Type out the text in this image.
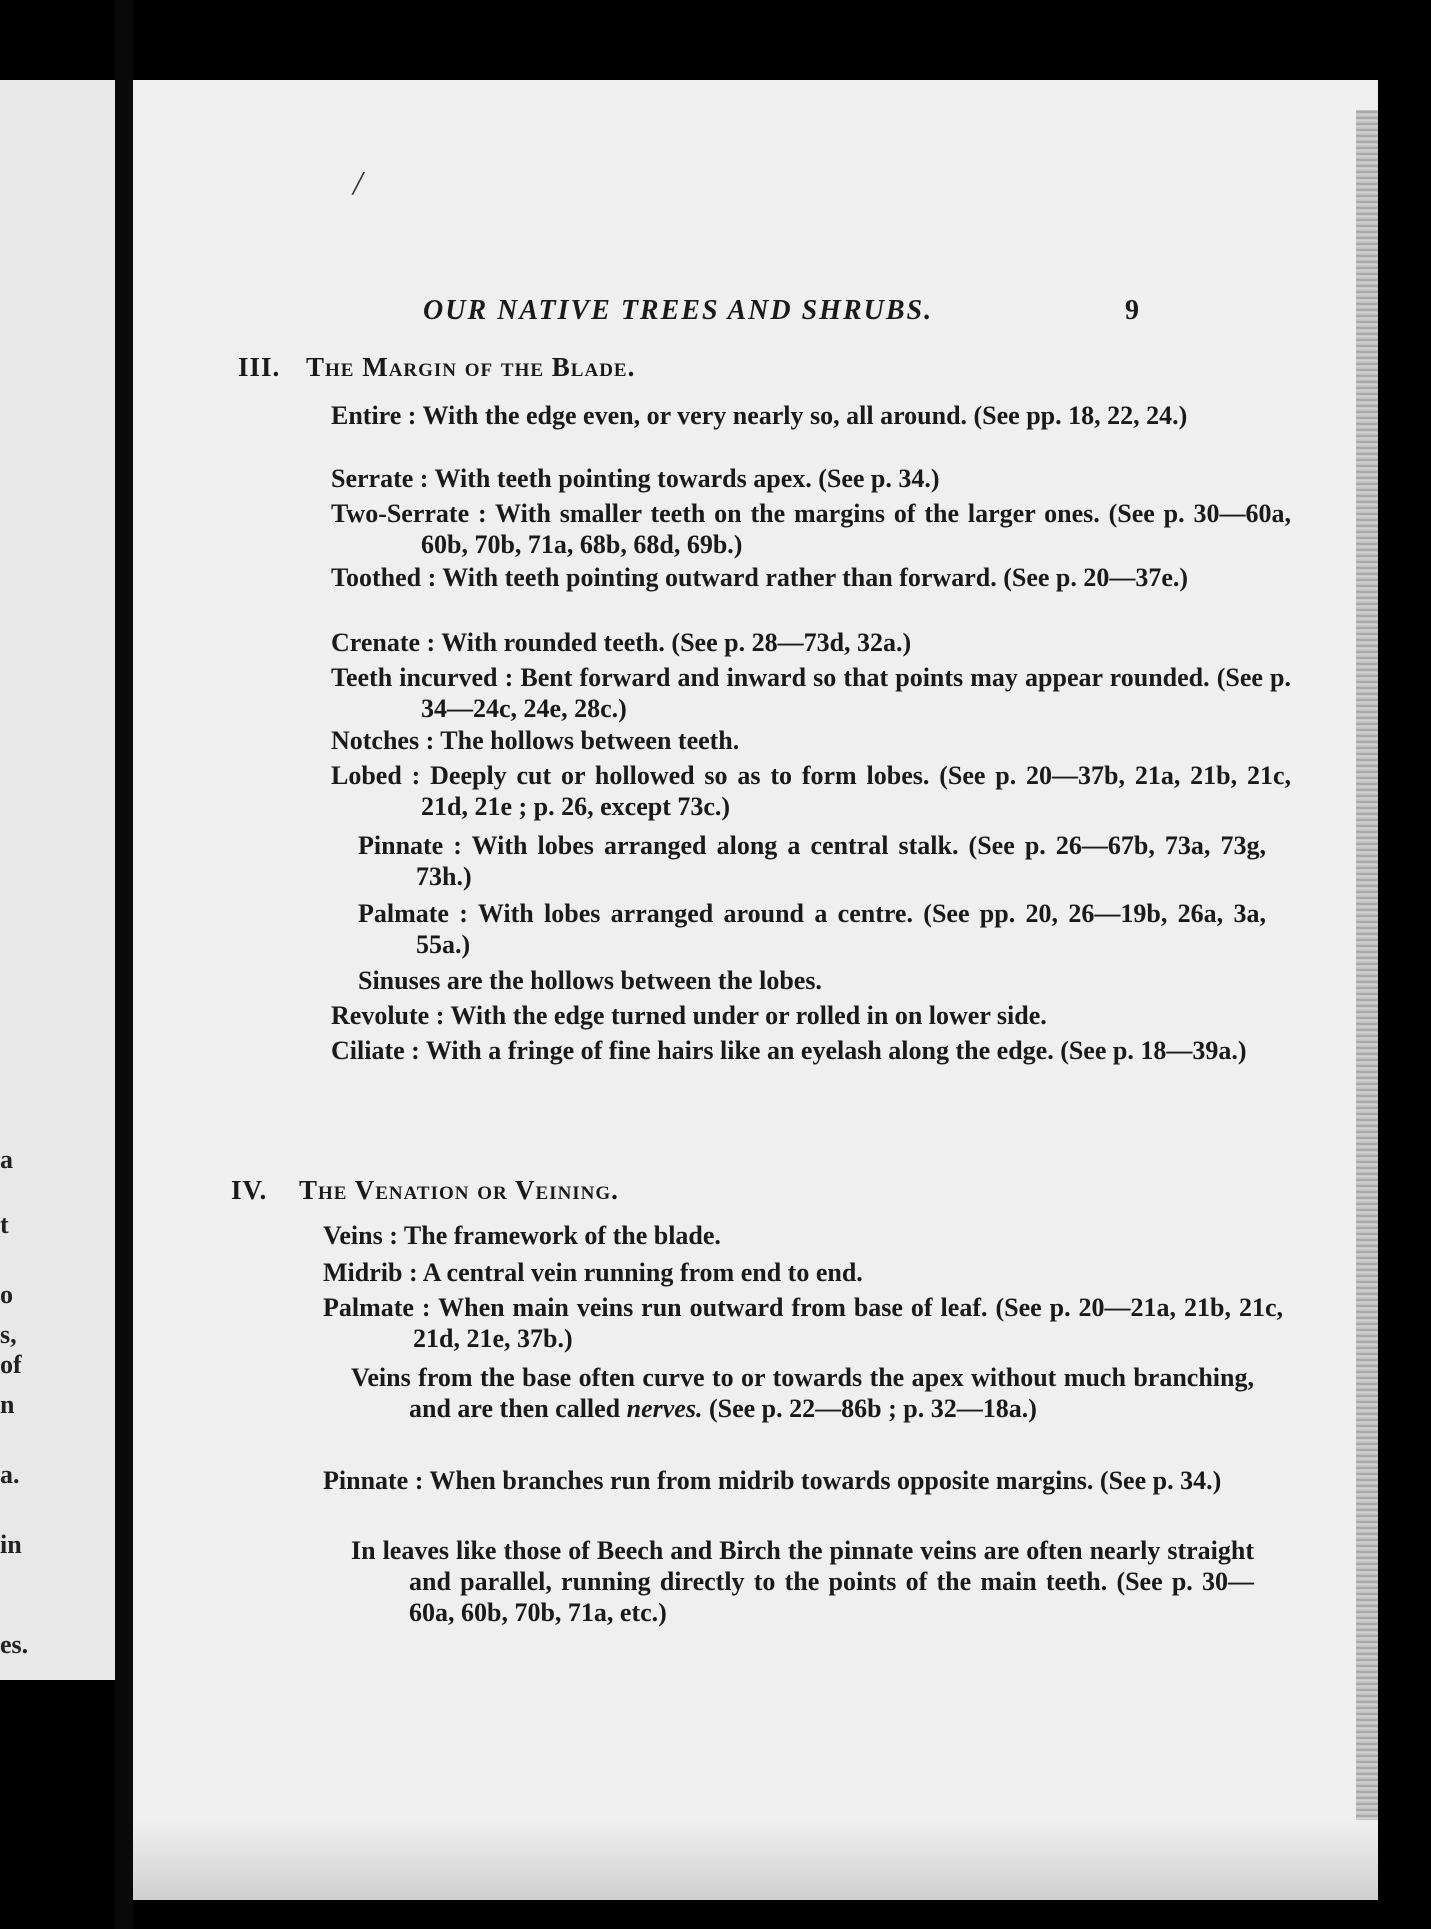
a
t
o
s,
of
n
a.
in
es.
/
OUR NATIVE TREES AND SHRUBS.	9
III. The Margin of the Blade.
Entire : With the edge even, or very nearly so, all around. (See pp. 18, 22, 24.)
Serrate : With teeth pointing towards apex. (See p. 34.)
Two-Serrate : With smaller teeth on the margins of the larger ones. (See p. 30—60a, 60b, 70b, 71a, 68b, 68d, 69b.)
Toothed : With teeth pointing outward rather than forward. (See p. 20—37e.)
Crenate : With rounded teeth. (See p. 28—73d, 32a.)
Teeth incurved : Bent forward and inward so that points may appear rounded. (See p. 34—24c, 24e, 28c.)
Notches : The hollows between teeth.
Lobed : Deeply cut or hollowed so as to form lobes. (See p. 20—37b, 21a, 21b, 21c, 21d, 21e ; p. 26, except 73c.)
Pinnate : With lobes arranged along a central stalk. (See p. 26—67b, 73a, 73g, 73h.)
Palmate : With lobes arranged around a centre. (See pp. 20, 26—19b, 26a, 3a, 55a.)
Sinuses are the hollows between the lobes.
Revolute : With the edge turned under or rolled in on lower side.
Ciliate : With a fringe of fine hairs like an eyelash along the edge. (See p. 18—39a.)
IV. The Venation or Veining.
Veins : The framework of the blade.
Midrib : A central vein running from end to end.
Palmate : When main veins run outward from base of leaf. (See p. 20—21a, 21b, 21c, 21d, 21e, 37b.)
Veins from the base often curve to or towards the apex without much branching, and are then called nerves. (See p. 22—86b ; p. 32—18a.)
Pinnate : When branches run from midrib towards opposite margins. (See p. 34.)
In leaves like those of Beech and Birch the pinnate veins are often nearly straight and parallel, running directly to the points of the main teeth. (See p. 30—60a, 60b, 70b, 71a, etc.)
